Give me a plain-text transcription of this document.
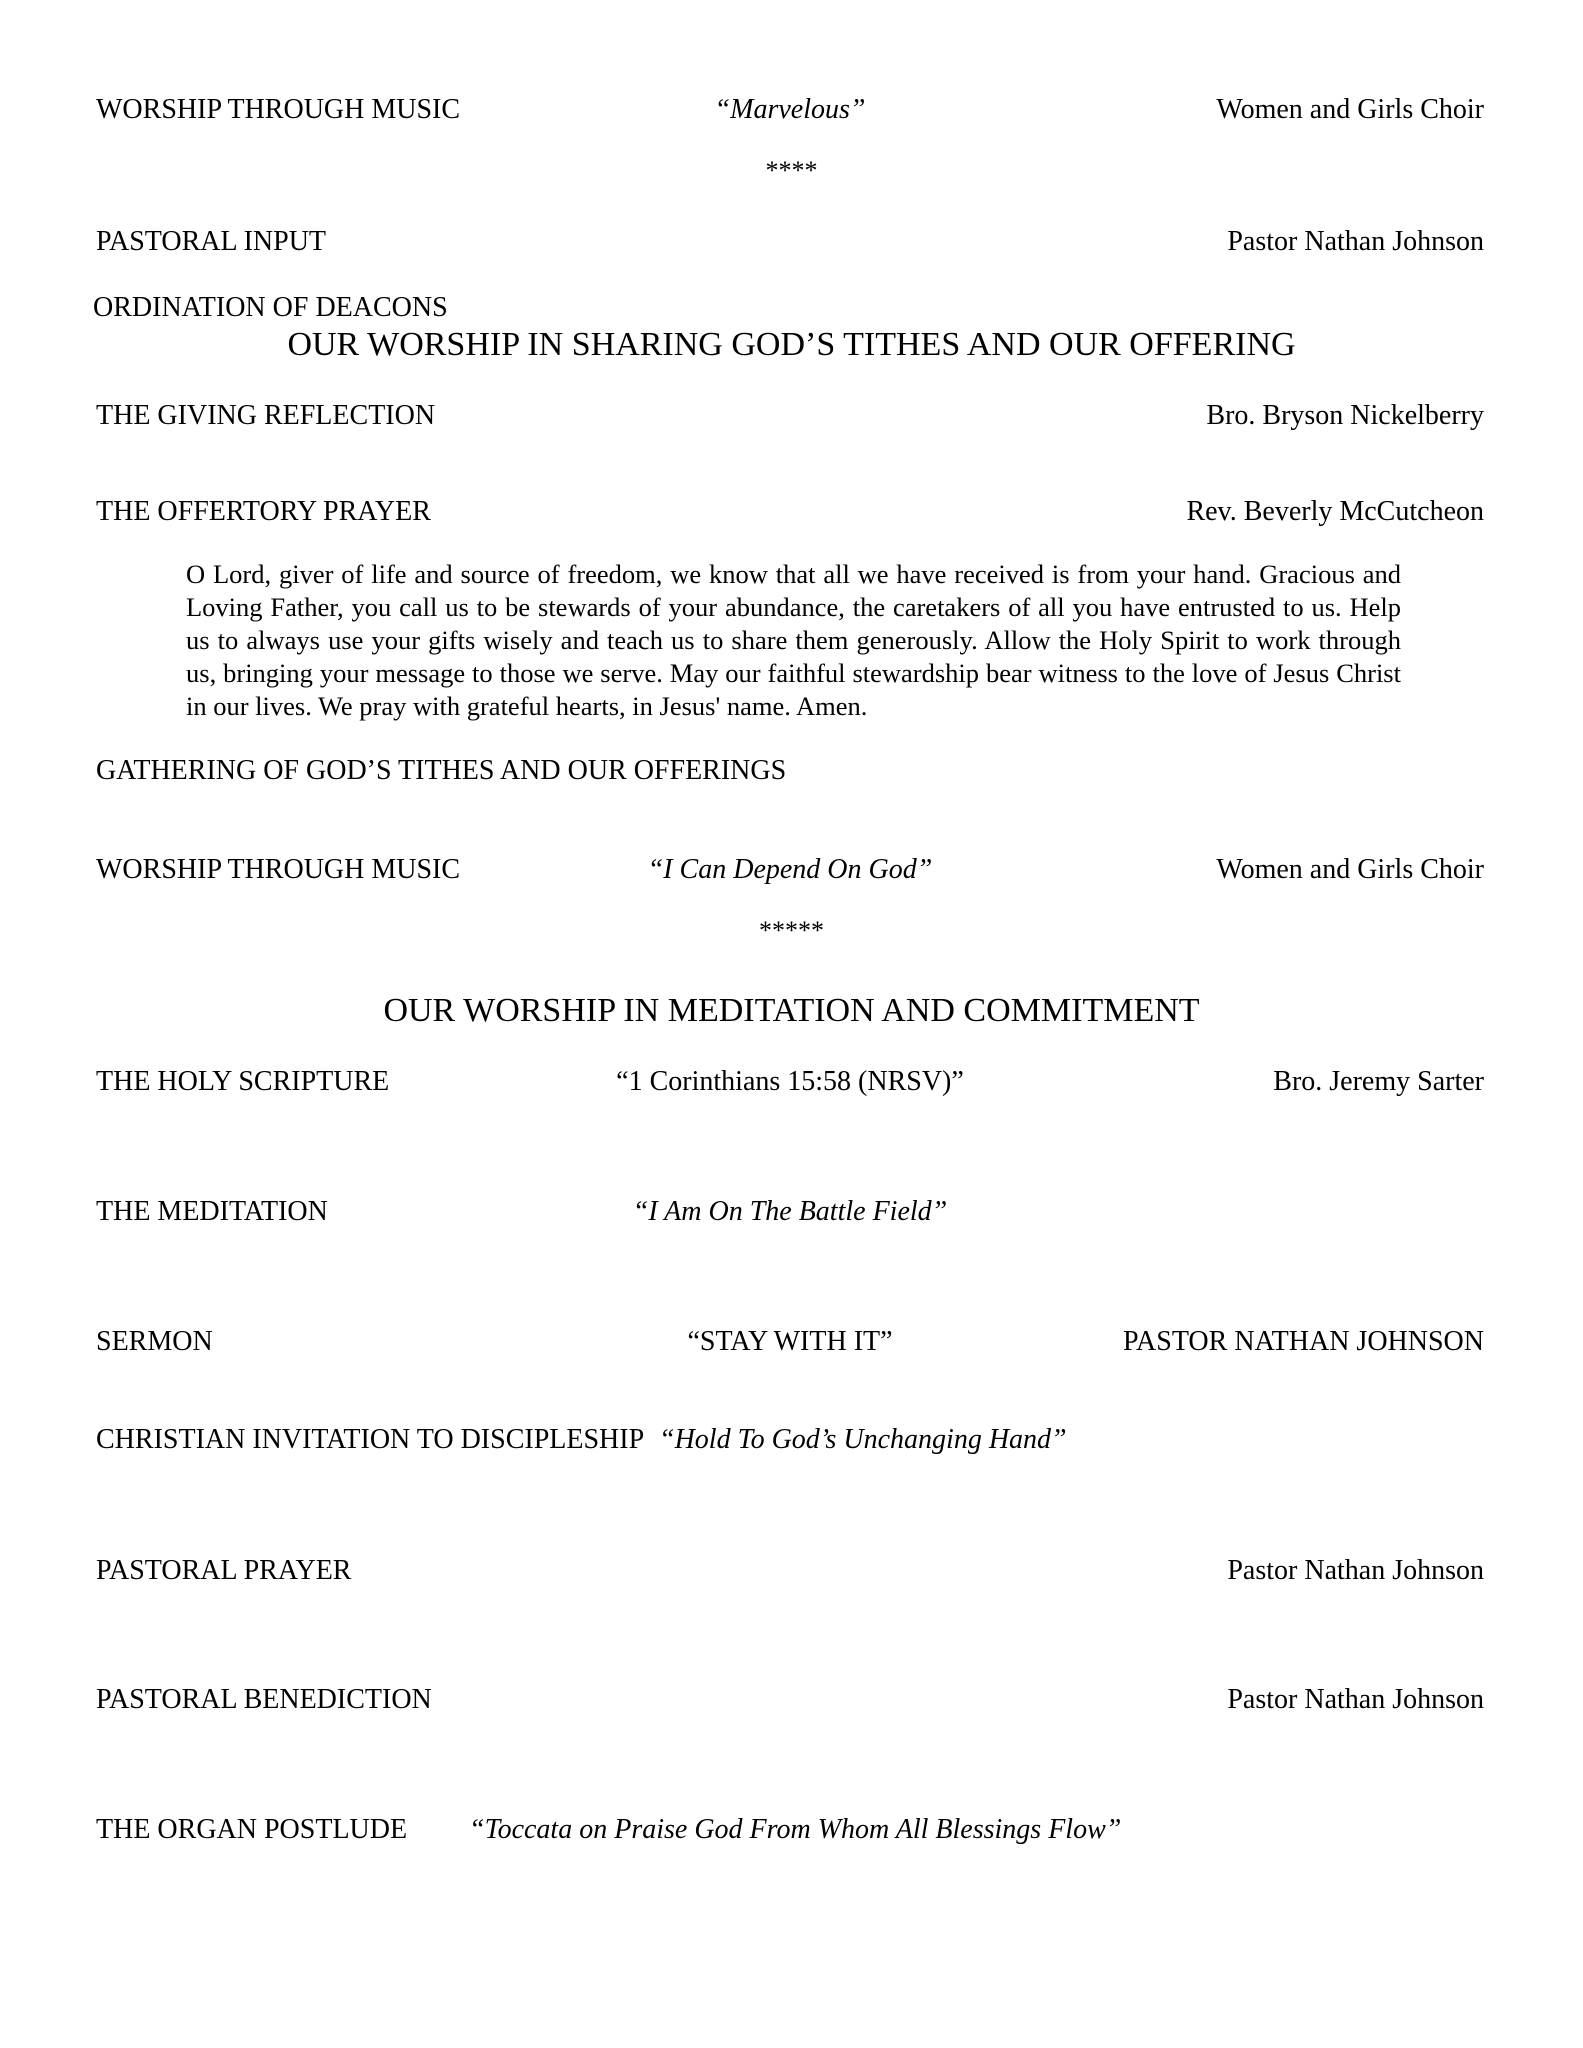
WORSHIP THROUGH MUSIC	“Marvelous”	Women and Girls Choir
****
PASTORAL INPUT	Pastor Nathan Johnson
ORDINATION OF DEACONS
OUR WORSHIP IN SHARING GOD’S TITHES AND OUR OFFERING
THE GIVING REFLECTION	Bro. Bryson Nickelberry
THE OFFERTORY PRAYER	Rev. Beverly McCutcheon
O Lord, giver of life and source of freedom, we know that all we have received is from your hand. Gracious and Loving Father, you call us to be stewards of your abundance, the caretakers of all you have entrusted to us. Help us to always use your gifts wisely and teach us to share them generously. Allow the Holy Spirit to work through us, bringing your message to those we serve. May our faithful stewardship bear witness to the love of Jesus Christ in our lives. We pray with grateful hearts, in Jesus' name. Amen.
GATHERING OF GOD’S TITHES AND OUR OFFERINGS
WORSHIP THROUGH MUSIC	“I Can Depend On God”	Women and Girls Choir
*****
OUR WORSHIP IN MEDITATION AND COMMITMENT
THE HOLY SCRIPTURE	“1 Corinthians 15:58 (NRSV)”	Bro. Jeremy Sarter
THE MEDITATION	“I Am On The Battle Field”
SERMON	“STAY WITH IT”	PASTOR NATHAN JOHNSON
CHRISTIAN INVITATION TO DISCIPLESHIP “Hold To God’s Unchanging Hand”
PASTORAL PRAYER	Pastor Nathan Johnson
PASTORAL BENEDICTION	Pastor Nathan Johnson
THE ORGAN POSTLUDE “Toccata on Praise God From Whom All Blessings Flow”
